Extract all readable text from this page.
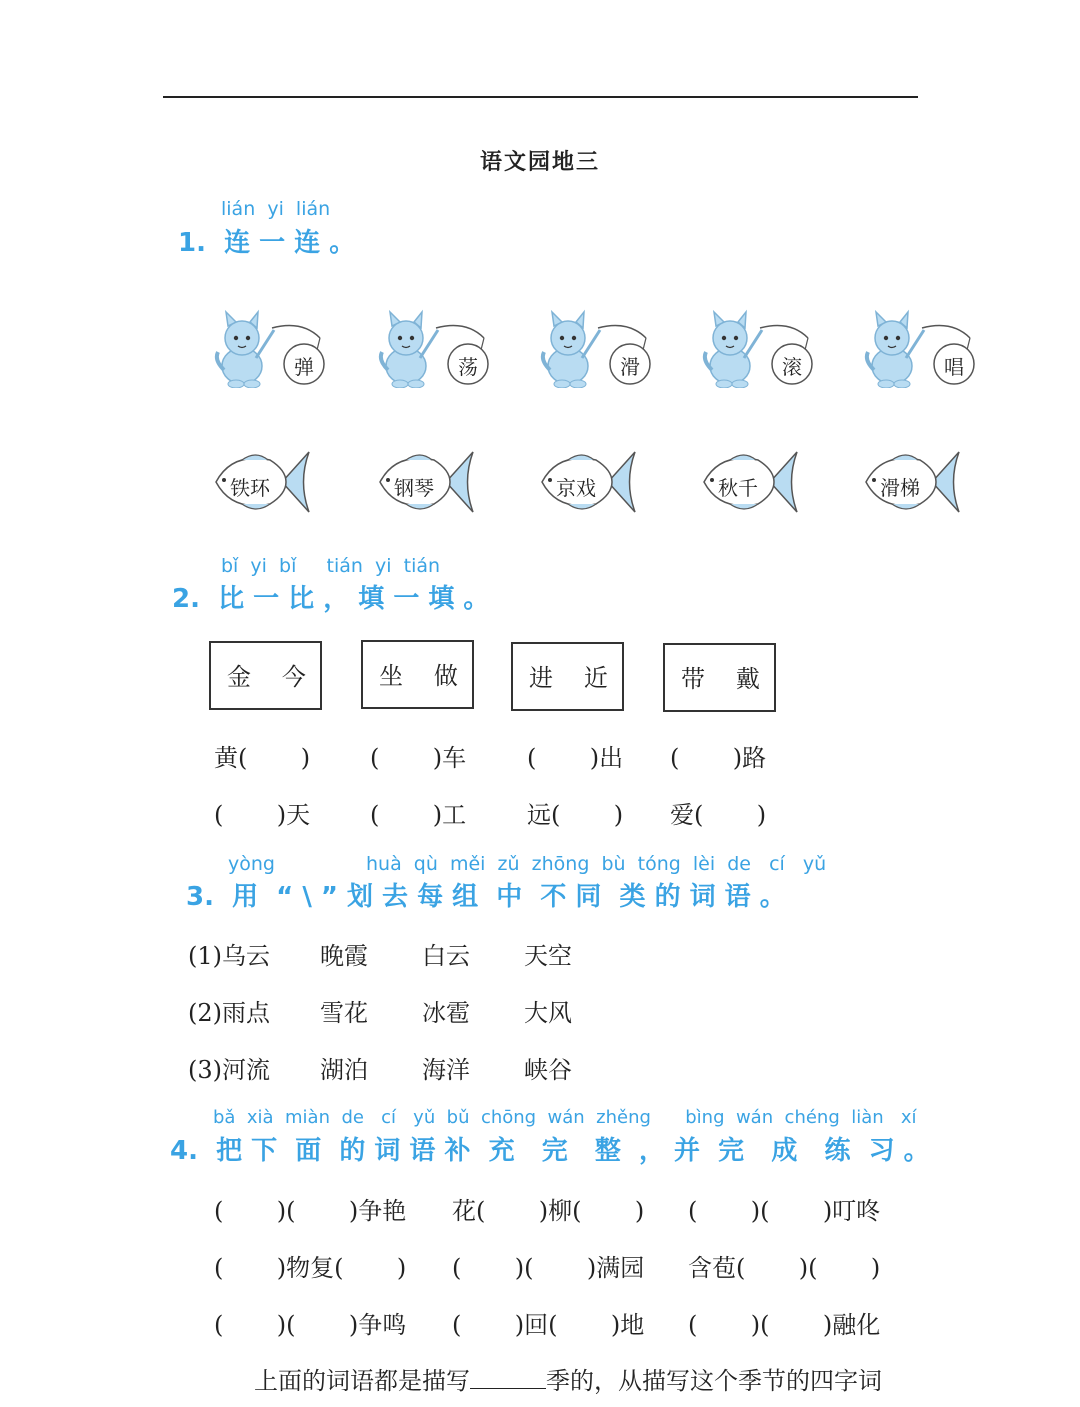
语文园地三
lián  yi  lián
1.  连 一 连 。
弹	荡	滑	滚	唱
铁环	钢琴	京戏	秋千	滑梯
bǐ  yi  bǐ     tián  yi  tián
2.  比 一 比 ， 填 一 填 。
金   今	坐   做	进   近	带   戴
黄(       ) (       )车	(       )出 (       )路
(       )天 (       )工	远(       ) 爱(       )
yòng	huà  qù  měi  zǔ  zhōng  bù  tóng  lèi  de   cí   yǔ
3.  用  “ \ ” 划 去 每 组  中  不 同  类 的 词 语 。
(1)乌云 晚霞 白云 天空
(2)雨点 雪花 冰雹 大风
(3)河流 湖泊 海洋 峡谷
bǎ  xià  miàn  de   cí   yǔ  bǔ  chōng  wán  zhěng      bìng  wán  chéng  liàn   xí
4.  把 下  面  的 词 语 补  充   完   整  ， 并  完   成   练  习 。
(       )(       )争艳 花(       )柳(       ) (       )(       )叮咚
(       )物复(       ) (       )(       )满园 含苞(       )(       )
(       )(       )争鸣 (       )回(       )地 (       )(       )融化
上面的词语都是描写	季的，从描写这个季节的四字词
